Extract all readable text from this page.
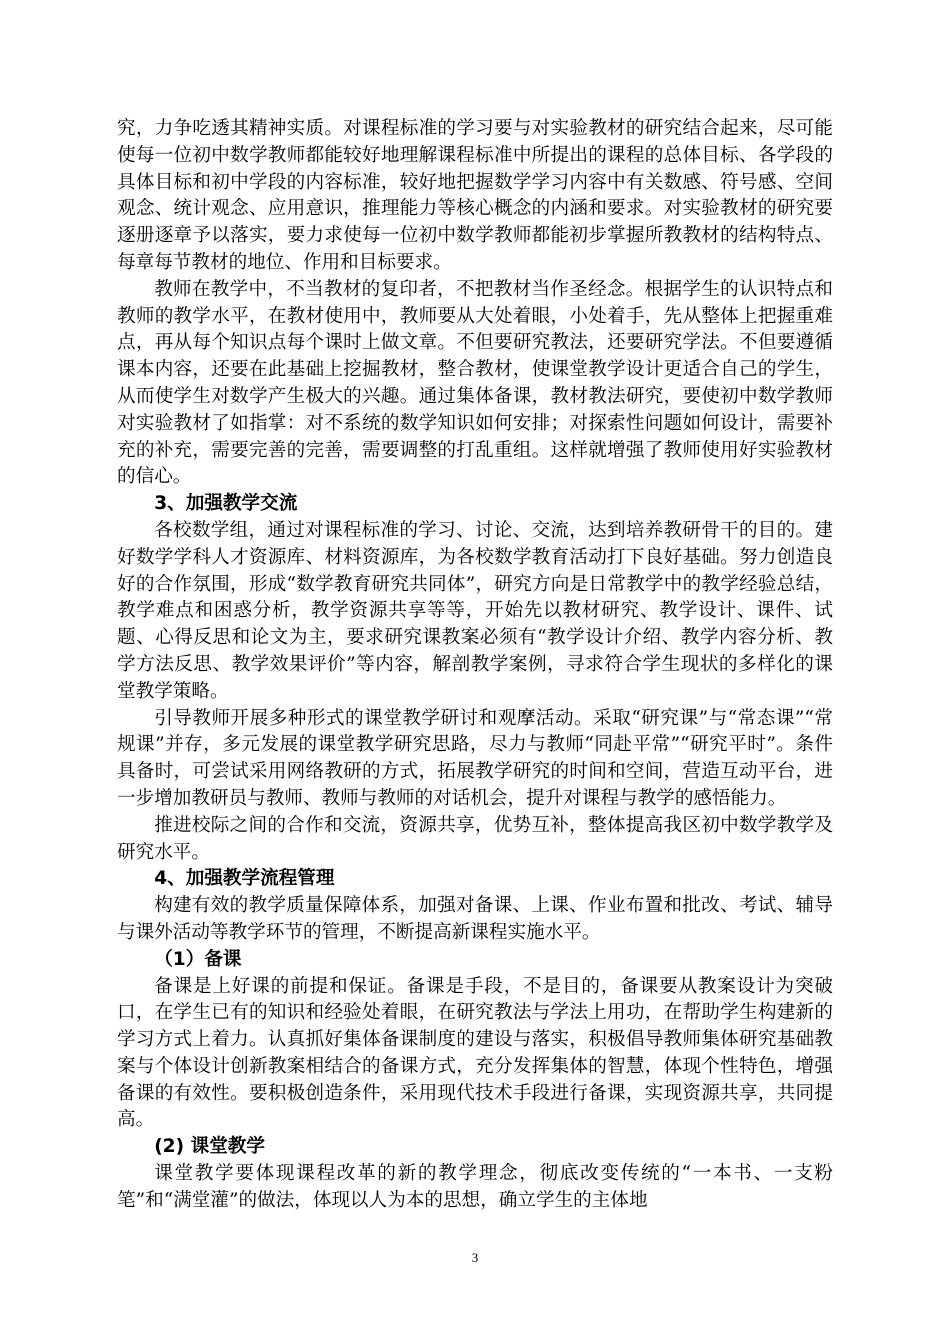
究，力争吃透其精神实质。对课程标准的学习要与对实验教材的研究结合起来，尽可能使每一位初中数学教师都能较好地理解课程标准中所提出的课程的总体目标、各学段的具体目标和初中学段的内容标准，较好地把握数学学习内容中有关数感、符号感、空间观念、统计观念、应用意识，推理能力等核心概念的内涵和要求。对实验教材的研究要逐册逐章予以落实，要力求使每一位初中数学教师都能初步掌握所教教材的结构特点、每章每节教材的地位、作用和目标要求。

教师在教学中，不当教材的复印者，不把教材当作圣经念。根据学生的认识特点和教师的教学水平，在教材使用中，教师要从大处着眼，小处着手，先从整体上把握重难点，再从每个知识点每个课时上做文章。不但要研究教法，还要研究学法。不但要遵循课本内容，还要在此基础上挖掘教材，整合教材，使课堂教学设计更适合自己的学生，从而使学生对数学产生极大的兴趣。通过集体备课，教材教法研究，要使初中数学教师对实验教材了如指掌：对不系统的数学知识如何安排；对探索性问题如何设计，需要补充的补充，需要完善的完善，需要调整的打乱重组。这样就增强了教师使用好实验教材的信心。

3、加强教学交流

各校数学组，通过对课程标准的学习、讨论、交流，达到培养教研骨干的目的。建好数学学科人才资源库、材料资源库，为各校数学教育活动打下良好基础。努力创造良好的合作氛围，形成“数学教育研究共同体”，研究方向是日常教学中的教学经验总结，教学难点和困惑分析，教学资源共享等等，开始先以教材研究、教学设计、课件、试题、心得反思和论文为主，要求研究课教案必须有“教学设计介绍、教学内容分析、教学方法反思、教学效果评价”等内容，解剖教学案例，寻求符合学生现状的多样化的课堂教学策略。

引导教师开展多种形式的课堂教学研讨和观摩活动。采取“研究课”与“常态课”“常规课”并存，多元发展的课堂教学研究思路，尽力与教师“同赴平常”“研究平时”。条件具备时，可尝试采用网络教研的方式，拓展教学研究的时间和空间，营造互动平台，进一步增加教研员与教师、教师与教师的对话机会，提升对课程与教学的感悟能力。

推进校际之间的合作和交流，资源共享，优势互补，整体提高我区初中数学教学及研究水平。

4、加强教学流程管理

构建有效的教学质量保障体系，加强对备课、上课、作业布置和批改、考试、辅导与课外活动等教学环节的管理，不断提高新课程实施水平。

（1）备课

备课是上好课的前提和保证。备课是手段，不是目的，备课要从教案设计为突破口，在学生已有的知识和经验处着眼，在研究教法与学法上用功，在帮助学生构建新的学习方式上着力。认真抓好集体备课制度的建设与落实，积极倡导教师集体研究基础教案与个体设计创新教案相结合的备课方式，充分发挥集体的智慧，体现个性特色，增强备课的有效性。要积极创造条件，采用现代技术手段进行备课，实现资源共享，共同提高。

(2) 课堂教学

课堂教学要体现课程改革的新的教学理念，彻底改变传统的“一本书、一支粉笔”和“满堂灌”的做法，体现以人为本的思想，确立学生的主体地

3
